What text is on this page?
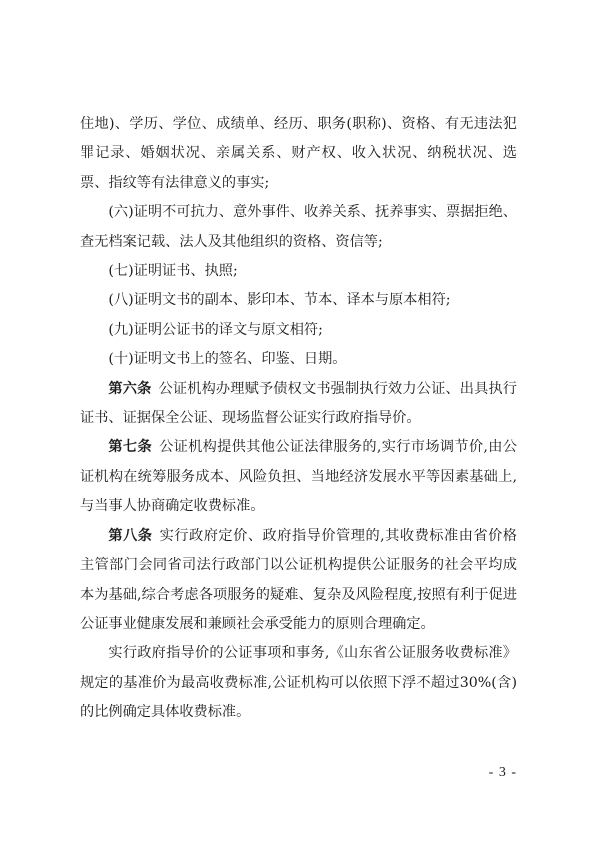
住地)、学历、学位、成绩单、经历、职务(职称)、资格、有无违法犯罪记录、婚姻状况、亲属关系、财产权、收入状况、纳税状况、选票、指纹等有法律意义的事实;

(六)证明不可抗力、意外事件、收养关系、抚养事实、票据拒绝、查无档案记载、法人及其他组织的资格、资信等;

(七)证明证书、执照;

(八)证明文书的副本、影印本、节本、译本与原本相符;

(九)证明公证书的译文与原文相符;

(十)证明文书上的签名、印鉴、日期。

第六条 公证机构办理赋予债权文书强制执行效力公证、出具执行证书、证据保全公证、现场监督公证实行政府指导价。

第七条 公证机构提供其他公证法律服务的,实行市场调节价,由公证机构在统筹服务成本、风险负担、当地经济发展水平等因素基础上,与当事人协商确定收费标准。

第八条 实行政府定价、政府指导价管理的,其收费标准由省价格主管部门会同省司法行政部门以公证机构提供公证服务的社会平均成本为基础,综合考虑各项服务的疑难、复杂及风险程度,按照有利于促进公证事业健康发展和兼顾社会承受能力的原则合理确定。

实行政府指导价的公证事项和事务,《山东省公证服务收费标准》规定的基准价为最高收费标准,公证机构可以依照下浮不超过30%(含)的比例确定具体收费标准。

- 3 -
